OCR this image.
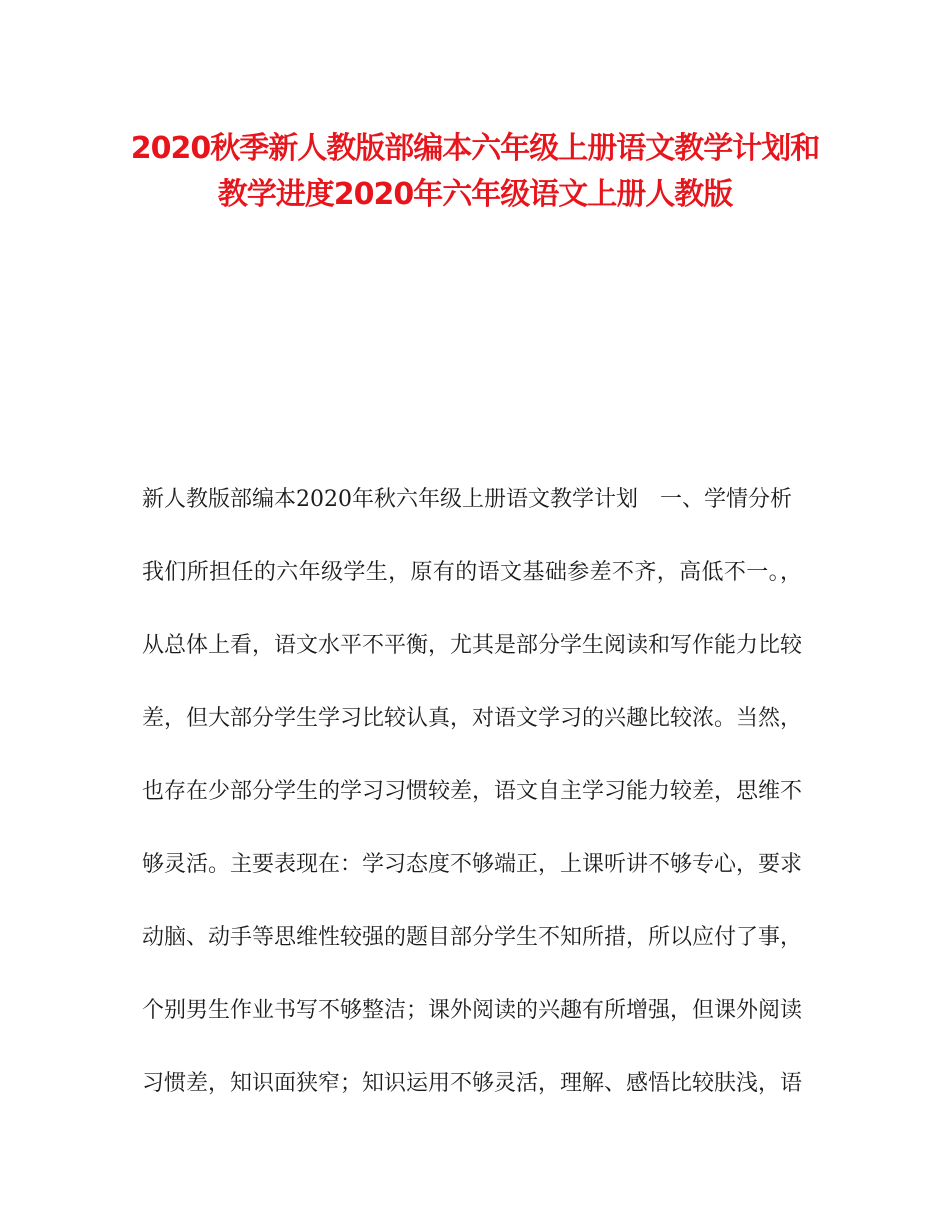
2020秋季新人教版部编本六年级上册语文教学计划和
教学进度2020年六年级语文上册人教版

新人教版部编本2020年秋六年级上册语文教学计划　一、学情分析

我们所担任的六年级学生，原有的语文基础参差不齐，高低不一。，

从总体上看，语文水平不平衡，尤其是部分学生阅读和写作能力比较

差，但大部分学生学习比较认真，对语文学习的兴趣比较浓。当然，

也存在少部分学生的学习习惯较差，语文自主学习能力较差，思维不

够灵活。主要表现在：学习态度不够端正，上课听讲不够专心，要求

动脑、动手等思维性较强的题目部分学生不知所措，所以应付了事，

个别男生作业书写不够整洁；课外阅读的兴趣有所增强，但课外阅读

习惯差，知识面狭窄；知识运用不够灵活，理解、感悟比较肤浅，语
